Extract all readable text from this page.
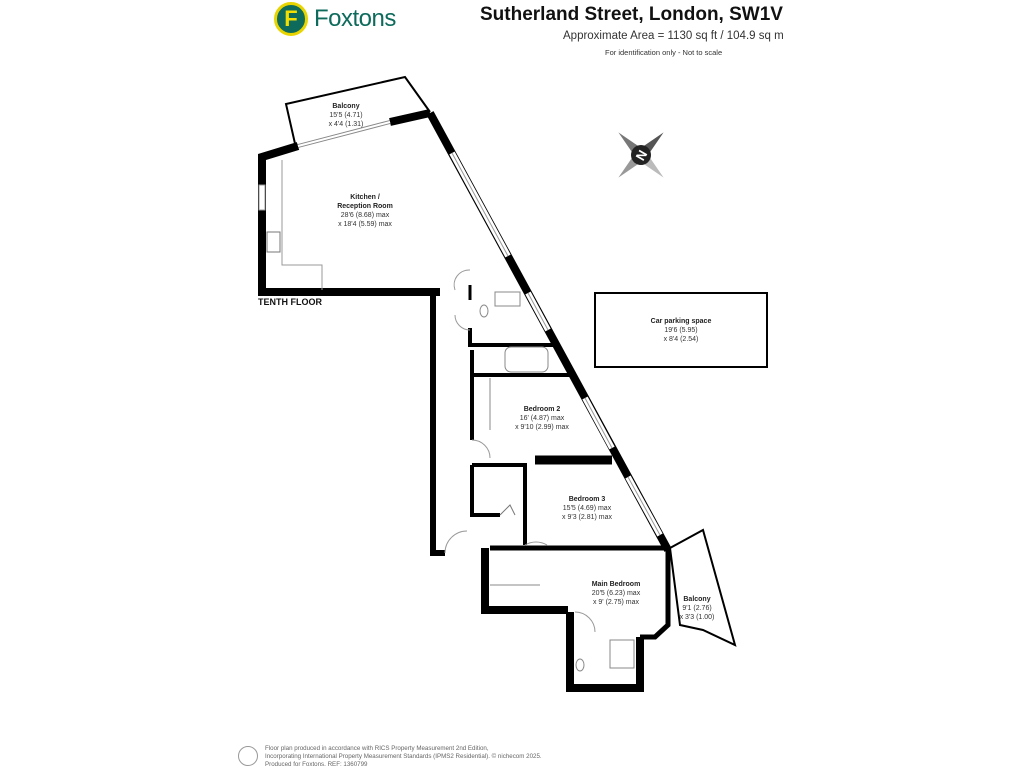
F Foxtons	Sutherland Street, London, SW1V
Approximate Area = 1130 sq ft / 104.9 sq m
For identification only - Not to scale
N
TENTH FLOOR
Balcony
15'5 (4.71)
x 4'4 (1.31)
Kitchen /
Reception Room
28'6 (8.68) max
x 18'4 (5.59) max
Car parking space
19'6 (5.95)
x 8'4 (2.54)
Bedroom 2
16' (4.87) max
x 9'10 (2.99) max
Bedroom 3
15'5 (4.69) max
x 9'3 (2.81) max
Main Bedroom
20'5 (6.23) max
x 9' (2.75) max	Balcony
9'1 (2.76)
x 3'3 (1.00)
Floor plan produced in accordance with RICS Property Measurement 2nd Edition,
Incorporating International Property Measurement Standards (IPMS2 Residential). © nichecom 2025.
Produced for Foxtons. REF: 1360799
